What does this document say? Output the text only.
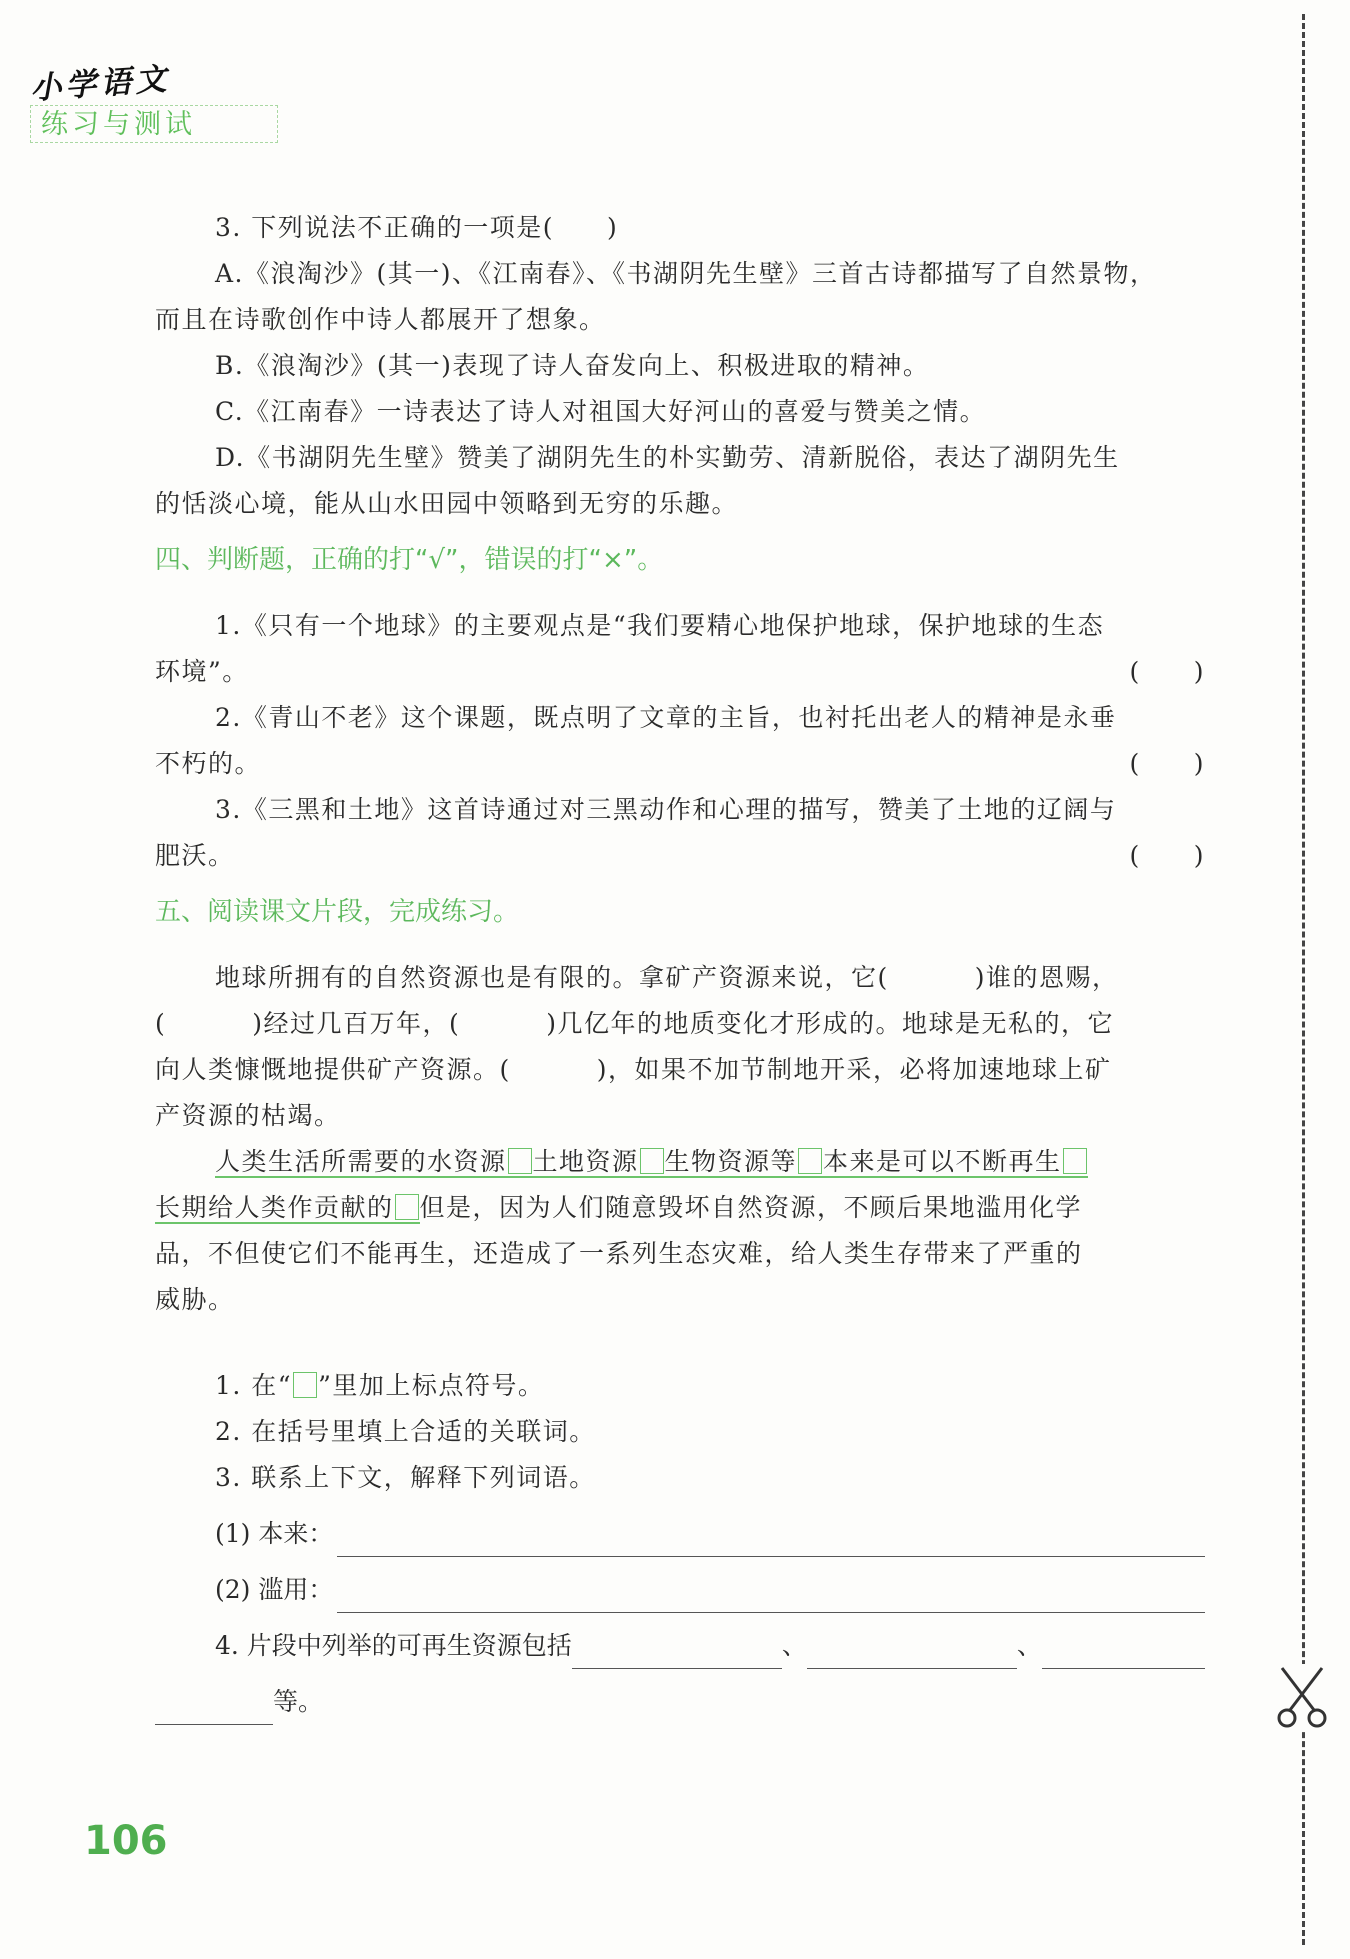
小学语文
练习与测试
3. 下列说法不正确的一项是(　　)
A.《浪淘沙》(其一)、《江南春》、《书湖阴先生壁》三首古诗都描写了自然景物，
而且在诗歌创作中诗人都展开了想象。
B.《浪淘沙》(其一)表现了诗人奋发向上、积极进取的精神。
C.《江南春》一诗表达了诗人对祖国大好河山的喜爱与赞美之情。
D.《书湖阴先生壁》赞美了湖阴先生的朴实勤劳、清新脱俗，表达了湖阴先生
的恬淡心境，能从山水田园中领略到无穷的乐趣。
四、判断题，正确的打“√”，错误的打“×”。
1.《只有一个地球》的主要观点是“我们要精心地保护地球，保护地球的生态
环境”。	(　　)
2.《青山不老》这个课题，既点明了文章的主旨，也衬托出老人的精神是永垂
不朽的。	(　　)
3.《三黑和土地》这首诗通过对三黑动作和心理的描写，赞美了土地的辽阔与
肥沃。	(　　)
五、阅读课文片段，完成练习。
地球所拥有的自然资源也是有限的。拿矿产资源来说，它(	)谁的恩赐，
(	)经过几百万年，(	)几亿年的地质变化才形成的。地球是无私的，它
向人类慷慨地提供矿产资源。(	)，如果不加节制地开采，必将加速地球上矿
产资源的枯竭。
人类生活所需要的水资源 土地资源 生物资源等 本来是可以不断再生
长期给人类作贡献的 但是，因为人们随意毁坏自然资源，不顾后果地滥用化学
品，不但使它们不能再生，还造成了一系列生态灾难，给人类生存带来了严重的
威胁。
1. 在“ ”里加上标点符号。
2. 在括号里填上合适的关联词。
3. 联系上下文，解释下列词语。
(1) 本来：
(2) 滥用：
4. 片段中列举的可再生资源包括	、	、
等。
106
